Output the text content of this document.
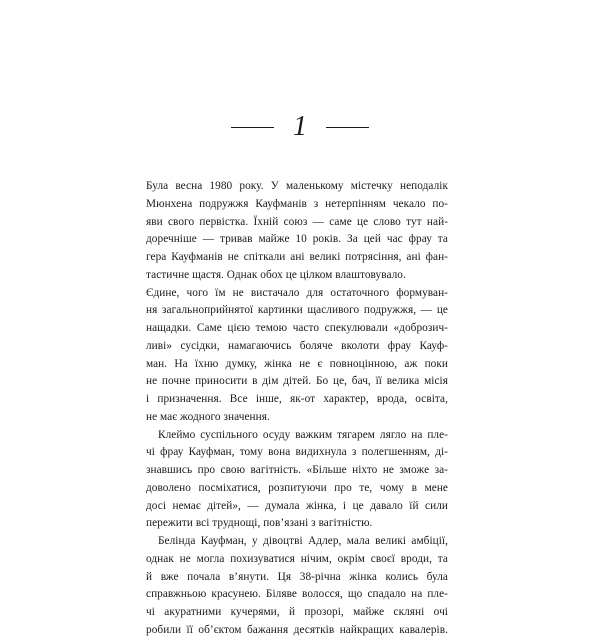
1

Була весна 1980 року. У маленькому містечку неподалік
Мюнхена подружжя Кауфманів з нетерпінням чекало по-
яви свого первістка. Їхній союз — саме це слово тут най-
доречніше — тривав майже 10 років. За цей час фрау та
гера Кауфманів не спіткали ані великі потрясіння, ані фан-
тастичне щастя. Однак обох це цілком влаштовувало.
Єдине, чого їм не вистачало для остаточного формуван-
ня загальноприйнятої картинки щасливого подружжя, — це
нащадки. Саме цією темою часто спекулювали «доброзич-
ливі» сусідки, намагаючись боляче вколоти фрау Кауф-
ман. На їхню думку, жінка не є повноцінною, аж поки
не почне приносити в дім дітей. Бо це, бач, її велика місія
і призначення. Все інше, як-от характер, врода, освіта,
не має жодного значення.

Клеймо суспільного осуду важким тягарем лягло на пле-
чі фрау Кауфман, тому вона видихнула з полегшенням, ді-
знавшись про свою вагітність. «Більше ніхто не зможе за-
доволено посміхатися, розпитуючи про те, чому в мене
досі немає дітей», — думала жінка, і це давало їй сили
пережити всі труднощі, пов’язані з вагітністю.

Белінда Кауфман, у дівоцтві Адлер, мала великі амбіції,
однак не могла похизуватися нічим, окрім своєї вроди, та
й вже почала в’янути. Ця 38-річна жінка колись була
справжньою красунею. Біляве волосся, що спадало на пле-
чі акуратними кучерями, й прозорі, майже скляні очі
робили її об’єктом бажання десятків найкращих кавалерів.
